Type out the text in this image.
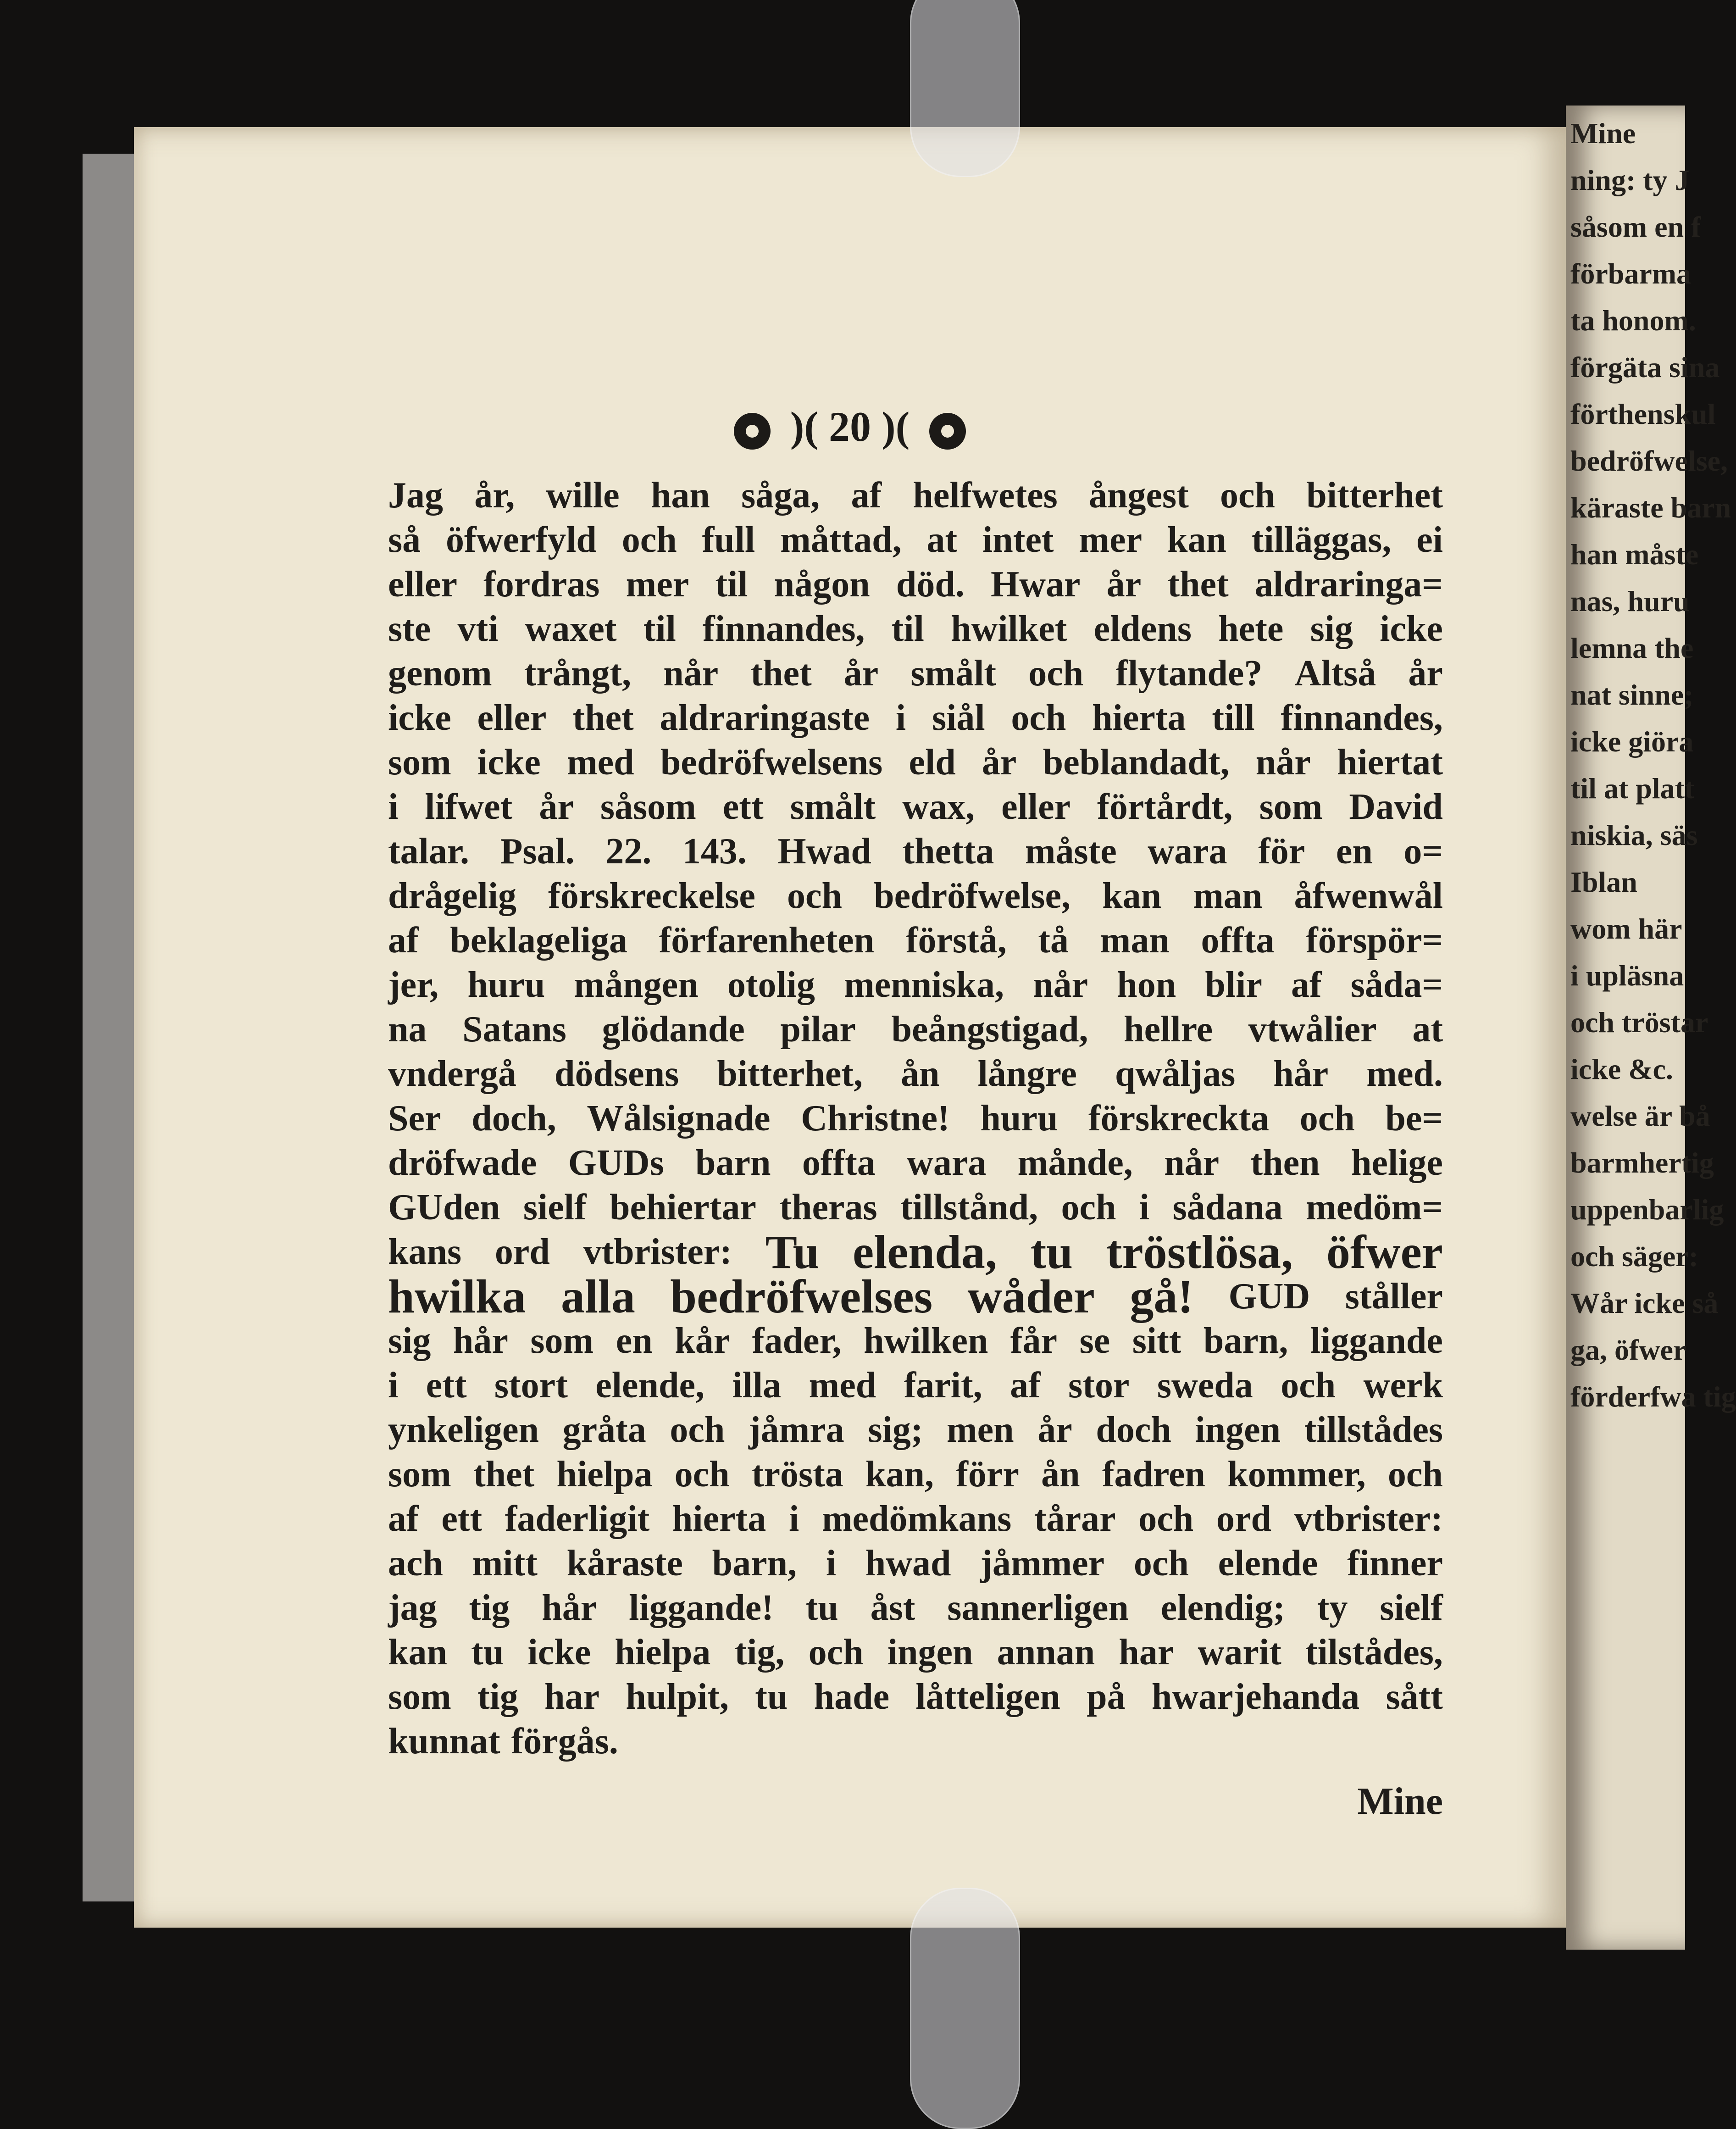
Mine
ning: ty J
såsom en f
förbarma
ta honom.
förgäta sina
förthenskul
bedröfwelse,
käraste barn
han måste
nas, huru
lemna the
nat sinne;
icke giöra
til at platt
niskia, säs
Iblan
wom här
i upläsna
och tröstar
icke &c.
welse är bå
barmhertig
uppenbarlig
och säger:
Wår icke så
ga, öfwer
förderfwa tig
)( 20 )(
Jag år, wille han såga, af helfwetes ångest och bitterhet
så öfwerfyld och full måttad, at intet mer kan tilläggas, ei
eller fordras mer til någon död. Hwar år thet aldraringa=
ste vti waxet til finnandes, til hwilket eldens hete sig icke
genom trångt, når thet år smålt och flytande? Altså år
icke eller thet aldraringaste i siål och hierta till finnandes,
som icke med bedröfwelsens eld år beblandadt, når hiertat
i lifwet år såsom ett smålt wax, eller förtårdt, som David
talar. Psal. 22. 143. Hwad thetta måste wara för en o=
drågelig förskreckelse och bedröfwelse, kan man åfwenwål
af beklageliga förfarenheten förstå, tå man offta förspör=
jer, huru mången otolig menniska, når hon blir af såda=
na Satans glödande pilar beångstigad, hellre vtwålier at
vndergå dödsens bitterhet, ån långre qwåljas hår med.
Ser doch, Wålsignade Christne! huru förskreckta och be=
dröfwade GUDs barn offta wara månde, når then helige
GUden sielf behiertar theras tillstånd, och i sådana medöm=
kans ord vtbrister: Tu elenda, tu tröstlösa, öfwer
hwilka alla bedröfwelses wåder gå! GUD ståller
sig hår som en kår fader, hwilken får se sitt barn, liggande
i ett stort elende, illa med farit, af stor sweda och werk
ynkeligen gråta och jåmra sig; men år doch ingen tillstådes
som thet hielpa och trösta kan, förr ån fadren kommer, och
af ett faderligit hierta i medömkans tårar och ord vtbrister:
ach mitt kåraste barn, i hwad jåmmer och elende finner
jag tig hår liggande! tu åst sannerligen elendig; ty sielf
kan tu icke hielpa tig, och ingen annan har warit tilstådes,
som tig har hulpit, tu hade låtteligen på hwarjehanda sått
kunnat förgås.
Mine
